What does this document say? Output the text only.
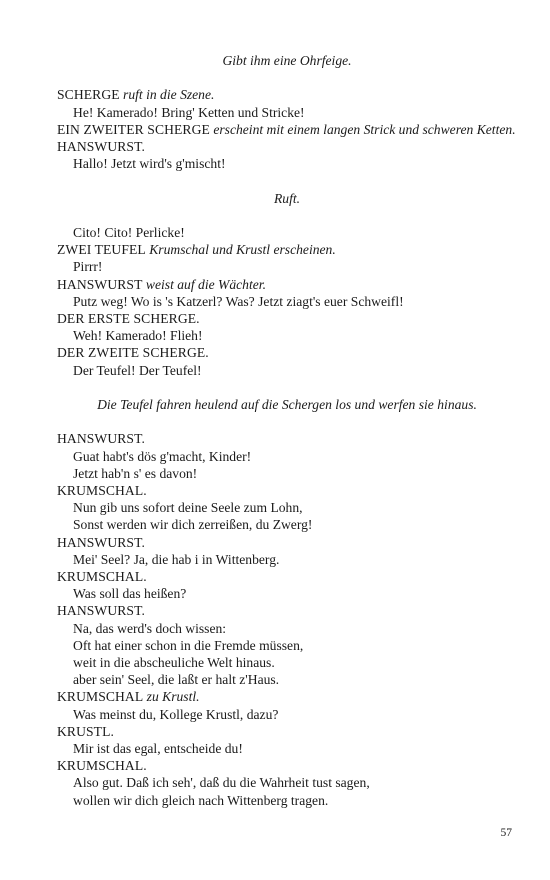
Gibt ihm eine Ohrfeige.
SCHERGE ruft in die Szene.
He! Kamerado! Bring' Ketten und Stricke!
EIN ZWEITER SCHERGE erscheint mit einem langen Strick und schweren Ketten.
HANSWURST.
Hallo! Jetzt wird's g'mischt!
Ruft.
Cito! Cito! Perlicke!
ZWEI TEUFEL Krumschal und Krustl erscheinen.
Pirrr!
HANSWURST weist auf die Wächter.
Putz weg! Wo is 's Katzerl? Was? Jetzt ziagt's euer Schweifl!
DER ERSTE SCHERGE.
Weh! Kamerado! Flieh!
DER ZWEITE SCHERGE.
Der Teufel! Der Teufel!
Die Teufel fahren heulend auf die Schergen los und werfen sie hinaus.
HANSWURST.
Guat habt's dös g'macht, Kinder!
Jetzt hab'n s' es davon!
KRUMSCHAL.
Nun gib uns sofort deine Seele zum Lohn,
Sonst werden wir dich zerreißen, du Zwerg!
HANSWURST.
Mei' Seel? Ja, die hab i in Wittenberg.
KRUMSCHAL.
Was soll das heißen?
HANSWURST.
Na, das werd's doch wissen:
Oft hat einer schon in die Fremde müssen,
weit in die abscheuliche Welt hinaus.
aber sein' Seel, die laßt er halt z'Haus.
KRUMSCHAL zu Krustl.
Was meinst du, Kollege Krustl, dazu?
KRUSTL.
Mir ist das egal, entscheide du!
KRUMSCHAL.
Also gut. Daß ich seh', daß du die Wahrheit tust sagen,
wollen wir dich gleich nach Wittenberg tragen.
57
